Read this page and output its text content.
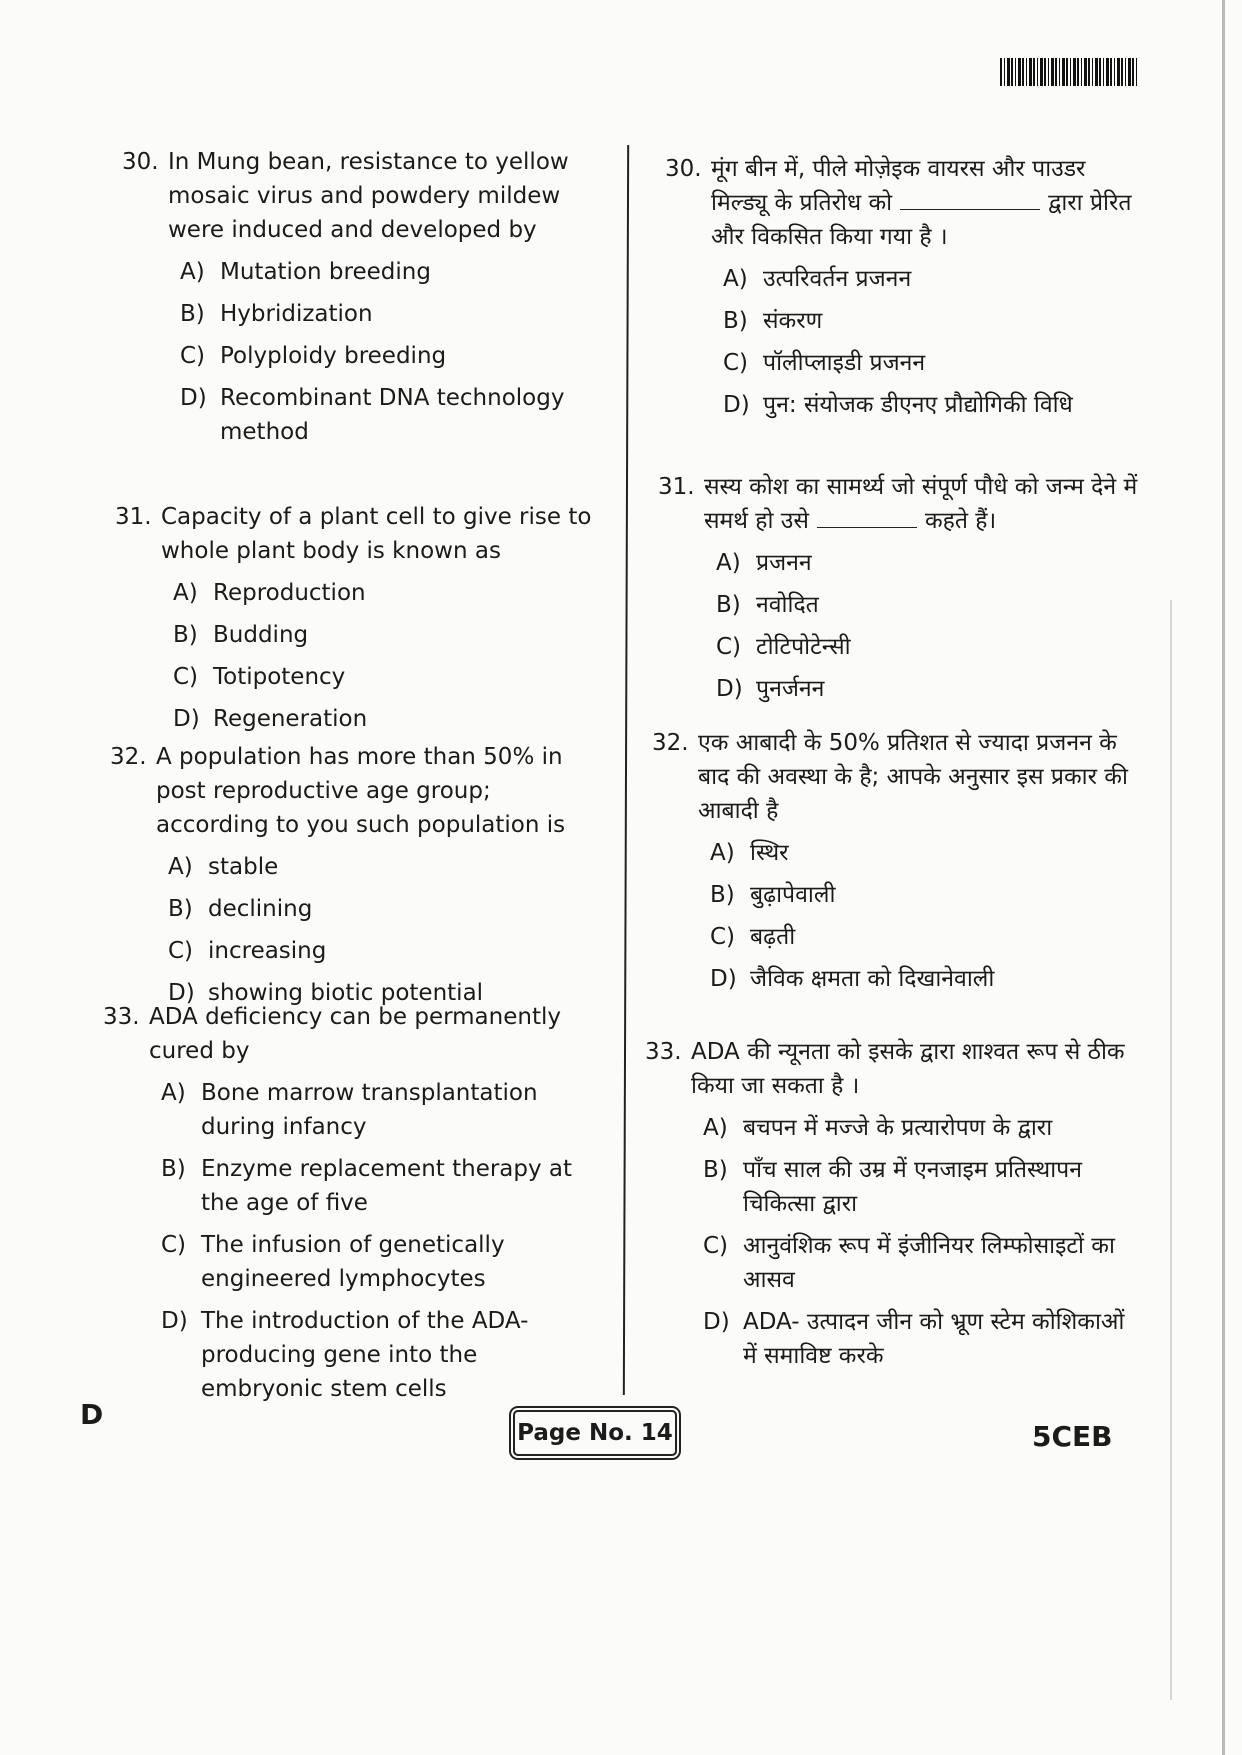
30. In Mung bean, resistance to yellow mosaic virus and powdery mildew were induced and developed by
A) Mutation breeding
B) Hybridization
C) Polyploidy breeding
D) Recombinant DNA technology method
31. Capacity of a plant cell to give rise to whole plant body is known as
A) Reproduction
B) Budding
C) Totipotency
D) Regeneration
32. A population has more than 50% in post reproductive age group; according to you such population is
A) stable
B) declining
C) increasing
D) showing biotic potential
33. ADA deficiency can be permanently cured by
A) Bone marrow transplantation during infancy
B) Enzyme replacement therapy at the age of five
C) The infusion of genetically engineered lymphocytes
D) The introduction of the ADA-producing gene into the embryonic stem cells
30. मूंग बीन में, पीले मोज़ेइक वायरस और पाउडर मिल्ड्यू के प्रतिरोध को	द्वारा प्रेरित और विकसित किया गया है ।
A) उत्परिवर्तन प्रजनन
B) संकरण
C) पॉलीप्लाइडी प्रजनन
D) पुन: संयोजक डीएनए प्रौद्योगिकी विधि
31. सस्य कोश का सामर्थ्य जो संपूर्ण पौधे को जन्म देने में समर्थ हो उसे	कहते हैं।
A) प्रजनन
B) नवोदित
C) टोटिपोटेन्सी
D) पुनर्जनन
32. एक आबादी के 50% प्रतिशत से ज्यादा प्रजनन के बाद की अवस्था के है; आपके अनुसार इस प्रकार की आबादी है
A) स्थिर
B) बुढ़ापेवाली
C) बढ़ती
D) जैविक क्षमता को दिखानेवाली
33. ADA की न्यूनता को इसके द्वारा शाश्वत रूप से ठीक किया जा सकता है ।
A) बचपन में मज्जे के प्रत्यारोपण के द्वारा
B) पाँच साल की उम्र में एनजाइम प्रतिस्थापन चिकित्सा द्वारा
C) आनुवंशिक रूप में इंजीनियर लिम्फोसाइटों का आसव
D) ADA- उत्पादन जीन को भ्रूण स्टेम कोशिकाओं में समाविष्ट करके
D
Page No. 14	5CEB
